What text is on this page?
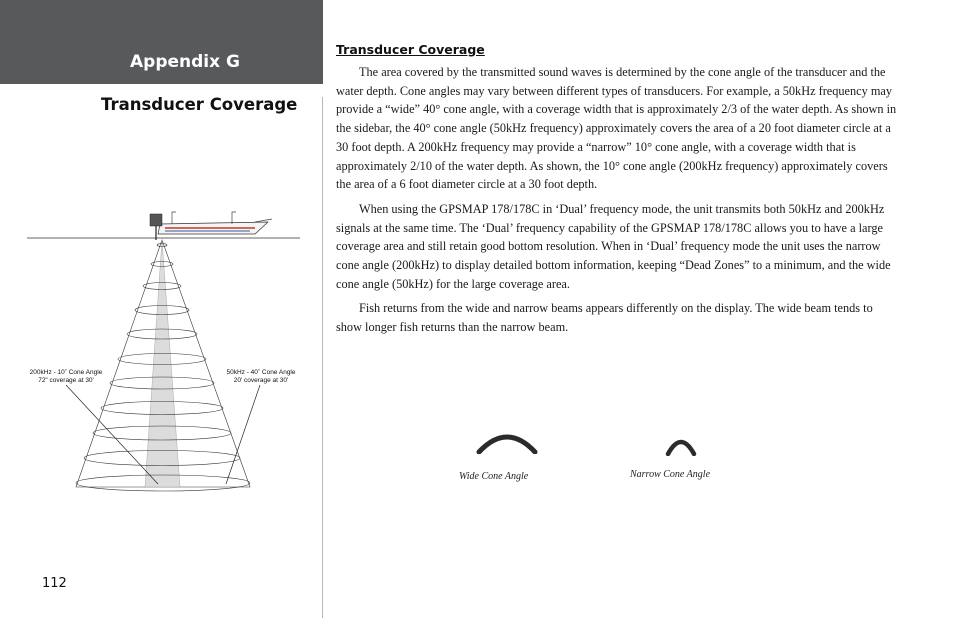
Appendix G
Transducer Coverage
200kHz - 10˚ Cone Angle
72" coverage at 30'
50kHz - 40˚ Cone Angle
20' coverage at 30'
112
Transducer Coverage

The area covered by the transmitted sound waves is determined by the cone angle of the transducer and the water depth. Cone angles may vary between different types of transducers. For example, a 50kHz frequency may provide a “wide” 40° cone angle, with a coverage width that is approximately 2/3 of the water depth. As shown in the sidebar, the 40° cone angle (50kHz frequency) approximately covers the area of a 20 foot diameter circle at a 30 foot depth. A 200kHz frequency may provide a “narrow” 10° cone angle, with a coverage width that is approximately 2/10 of the water depth. As shown, the 10° cone angle (200kHz frequency) approximately covers the area of a 6 foot diameter circle at a 30 foot depth.

When using the GPSMAP 178/178C in ‘Dual’ frequency mode, the unit transmits both 50kHz and 200kHz signals at the same time. The ‘Dual’ frequency capability of the GPSMAP 178/178C allows you to have a large coverage area and still retain good bottom resolution. When in ‘Dual’ frequency mode the unit uses the narrow cone angle (200kHz) to display detailed bottom information, keeping “Dead Zones” to a minimum, and the wide cone angle (50kHz) for the large coverage area.

Fish returns from the wide and narrow beams appears differently on the display. The wide beam tends to show longer fish returns than the narrow beam.

Wide Cone Angle	Narrow Cone Angle
